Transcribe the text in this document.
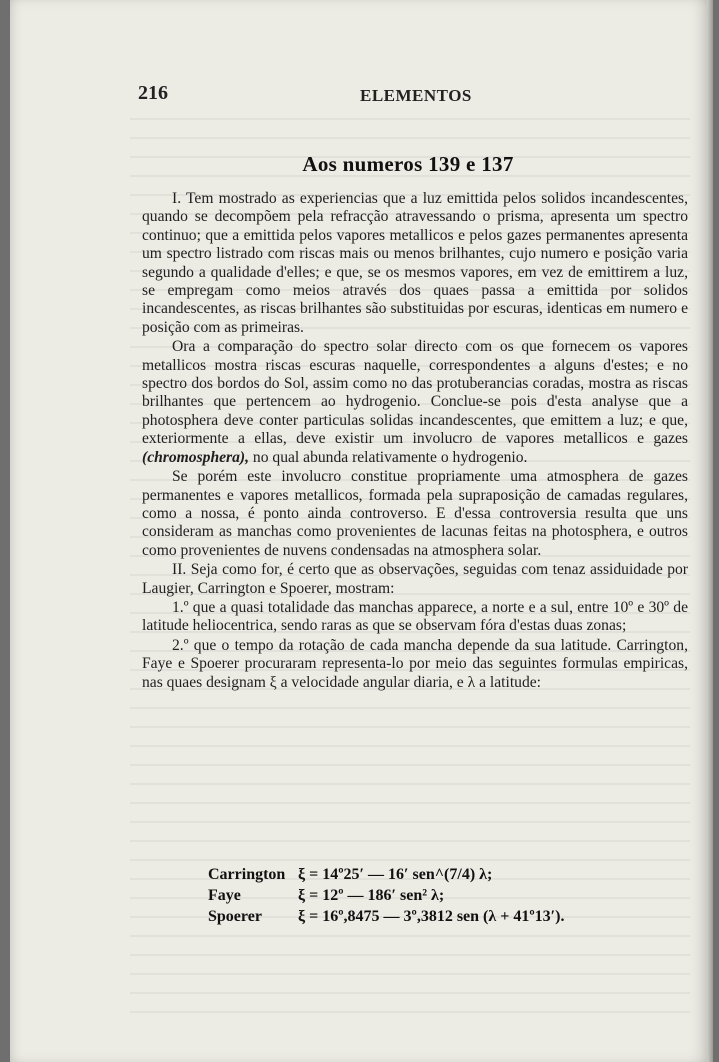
216	ELEMENTOS
Aos numeros 139 e 137

I. Tem mostrado as experiencias que a luz emittida pelos solidos incandescentes, quando se decompõem pela refracção atravessando o prisma, apresenta um spectro continuo; que a emittida pelos vapores metallicos e pelos gazes permanentes apresenta um spectro listrado com riscas mais ou menos brilhantes, cujo numero e posição varia segundo a qualidade d'elles; e que, se os mesmos vapores, em vez de emittirem a luz, se empregam como meios através dos quaes passa a emittida por solidos incandescentes, as riscas brilhantes são substituidas por escuras, identicas em numero e posição com as primeiras.

Ora a comparação do spectro solar directo com os que fornecem os vapores metallicos mostra riscas escuras naquelle, correspondentes a alguns d'estes; e no spectro dos bordos do Sol, assim como no das protuberancias coradas, mostra as riscas brilhantes que pertencem ao hydrogenio. Conclue-se pois d'esta analyse que a photosphera deve conter particulas solidas incandescentes, que emittem a luz; e que, exteriormente a ellas, deve existir um involucro de vapores metallicos e gazes (chromosphera), no qual abunda relativamente o hydrogenio.

Se porém este involucro constitue propriamente uma atmosphera de gazes permanentes e vapores metallicos, formada pela supraposição de camadas regulares, como a nossa, é ponto ainda controverso. E d'essa controversia resulta que uns consideram as manchas como provenientes de lacunas feitas na photosphera, e outros como provenientes de nuvens condensadas na atmosphera solar.

II. Seja como for, é certo que as observações, seguidas com tenaz assiduidade por Laugier, Carrington e Spoerer, mostram:

1.º que a quasi totalidade das manchas apparece, a norte e a sul, entre 10º e 30º de latitude heliocentrica, sendo raras as que se observam fóra d'estas duas zonas;

2.º que o tempo da rotação de cada mancha depende da sua latitude. Carrington, Faye e Spoerer procuraram representa-lo por meio das seguintes formulas empiricas, nas quaes designam ξ a velocidade angular diaria, e λ a latitude:

Carrington ξ = 14º25′ — 16′ sen^(7/4) λ;
Faye	ξ = 12º — 186′ sen² λ;
Spoerer ξ = 16º,8475 — 3º,3812 sen (λ + 41º13′).
